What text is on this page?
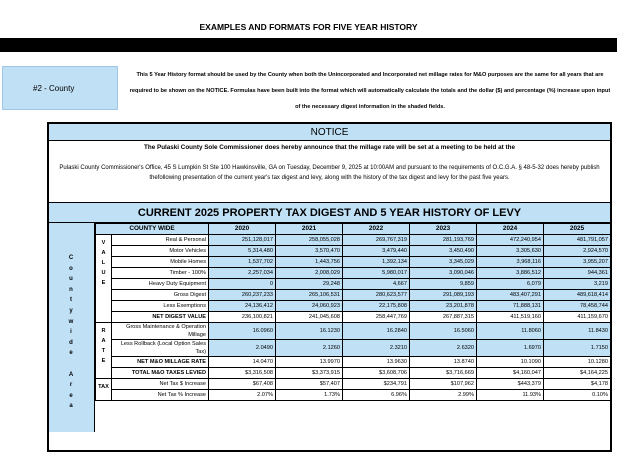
EXAMPLES AND FORMATS FOR FIVE YEAR HISTORY
#2 - County
This 5 Year History format should be used by the County when both the Unincorporated and Incorporated net millage rates for M&O purposes are the same for all years that are required to be shown on the NOTICE. Formulas have been built into the format which will automatically calculate the totals and the dollar ($) and percentage (%) increase upon input of the necessary digest information in the shaded fields.
NOTICE
The Pulaski County Sole Commissioner does hereby announce that the millage rate will be set at a meeting to be held at the
Pulaski County Commissioner's Office, 45 S Lumpkin St Ste 100 Hawkinsville, GA on Tuesday, December 9, 2025 at 10:00AM and pursuant to the requirements of O.C.G.A. § 48-5-32 does hereby publish thefollowing presentation of the current year's tax digest and levy, along with the history of the tax digest and levy for the past five years.
CURRENT 2025 PROPERTY TAX DIGEST AND 5 YEAR HISTORY OF LEVY
C
o
u
n
t
y
w
i
d
e
A
r
e
a
COUNTY WIDE		2020	2021	2022	2023	2024	2025

V
A
L
U
E	Real & Personal	251,128,017	258,055,028	269,767,319	281,193,769	472,240,954	481,791,057
	Motor Vehicles	5,314,480	3,570,470	3,479,440	3,450,490	3,305,630	2,924,570
	Mobile Homes	1,537,702	1,443,756	1,392,134	3,345,029	3,968,116	3,955,207
	Timber - 100%	2,257,034	2,008,029	5,980,017	3,090,046	3,886,512	944,361
	Heavy Duty Equipment	0	29,248	4,667	9,859	6,079	3,219
	Gross Digest	260,237,233	265,106,531	280,623,577	291,089,193	483,407,291	489,618,414
	Less Exemptions	24,136,412	24,060,923	22,175,808	23,201,878	71,888,131	78,458,744
	NET DIGEST VALUE	236,100,821	241,045,608	258,447,769	267,887,315	411,519,160	411,159,670

R
A
T
E	Gross Maintenance & Operation Millage	16.0960	16.1230	16.2840	16.5060	11.8060	11.8430
	Less Rollback (Local Option Sales Tax)	2.0490	2.1260	2.3210	2.6320	1.6970	1.7150
	NET M&O MILLAGE RATE	14.0470	13.9970	13.9630	13.8740	10.1090	10.1280
	TOTAL M&O TAXES LEVIED	$3,316,508	$3,373,915	$3,608,706	$3,716,669	$4,160,047	$4,164,225
TAX	Net Tax $ Increase	$67,408	$57,407	$234,791	$107,962	$443,379	$4,178
	Net Tax % Increase	2.07%	1.73%	6.96%	2.99%	11.93%	0.10%
